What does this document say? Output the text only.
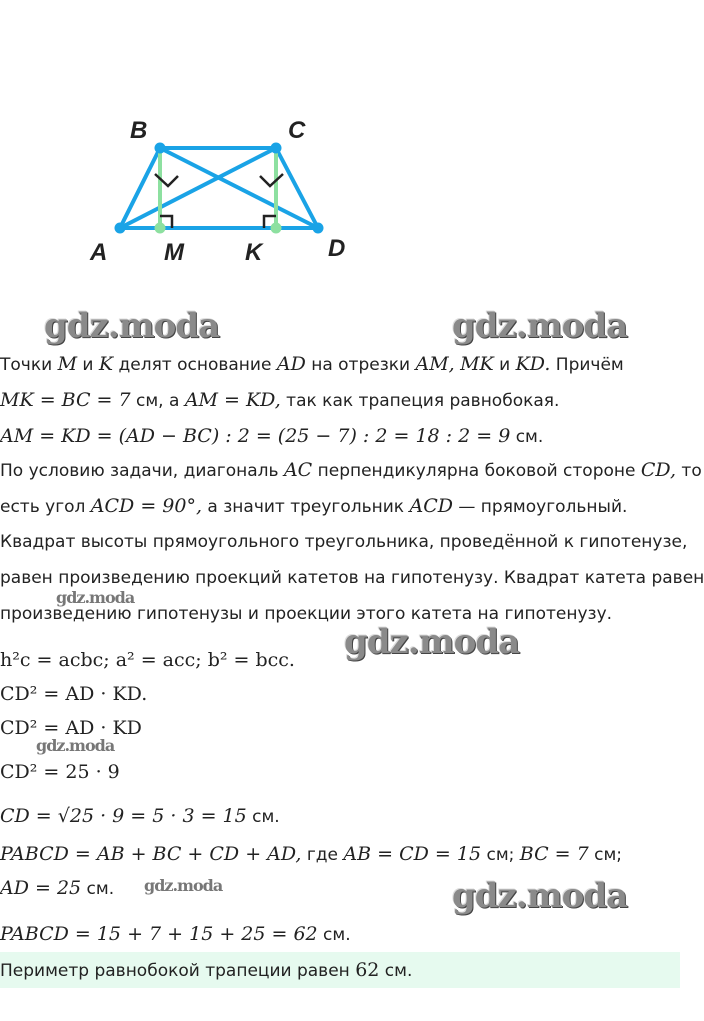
B	C
A	D
M	K
gdz.moda	gdz.moda
gdz.moda
gdz.moda
gdz.moda
gdz.moda	gdz.moda
Точки M и K делят основание AD на отрезки AM, MK и KD. Причём
MK = BC = 7 см, а AM = KD, так как трапеция равнобокая.
AM = KD = (AD − BC) : 2 = (25 − 7) : 2 = 18 : 2 = 9 см.
По условию задачи, диагональ AC перпендикулярна боковой стороне CD, то
есть угол ACD = 90°, а значит треугольник ACD — прямоугольный.
Квадрат высоты прямоугольного треугольника, проведённой к гипотенузе,
равен произведению проекций катетов на гипотенузу. Квадрат катета равен
произведению гипотенузы и проекции этого катета на гипотенузу.
h²c = acbc; a² = acc; b² = bcc.
CD² = AD · KD.
CD² = AD · KD
CD² = 25 · 9
CD = √25 · 9 = 5 · 3 = 15 см.
PABCD = AB + BC + CD + AD, где AB = CD = 15 см; BC = 7 см;
AD = 25 см.
PABCD = 15 + 7 + 15 + 25 = 62 см.
Периметр равнобокой трапеции равен 62 см.
